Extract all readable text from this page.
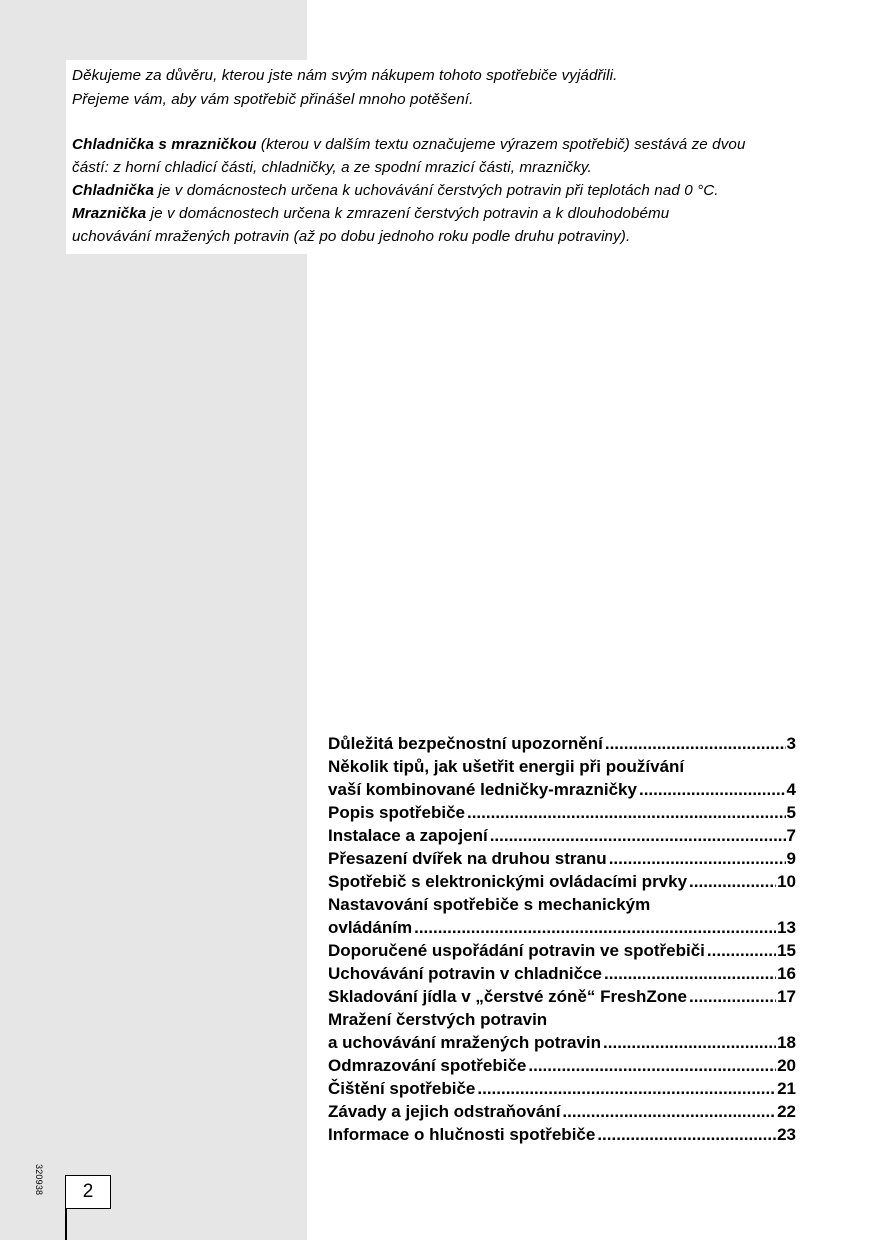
Děkujeme za důvěru, kterou jste nám svým nákupem tohoto spotřebiče vyjádřili.

Přejeme vám, aby vám spotřebič přinášel mnoho potěšení.

Chladnička s mrazničkou (kterou v dalším textu označujeme výrazem spotřebič) sestává ze dvou

částí: z horní chladicí části, chladničky, a ze spodní mrazicí části, mrazničky.

Chladnička je v domácnostech určena k uchovávání čerstvých potravin při teplotách nad 0 °C.

Mraznička je v domácnostech určena k zmrazení čerstvých potravin a k dlouhodobému

uchovávání mražených potravin (až po dobu jednoho roku podle druhu potraviny).

Důležitá bezpečnostní upozornění .....	3
Několik tipů, jak ušetřit energii při používání
vaší kombinované ledničky-mrazničky .....	4
Popis spotřebiče .....	5
Instalace a zapojení .....	7
Přesazení dvířek na druhou stranu .....	9
Spotřebič s elektronickými ovládacími prvky .....	10
Nastavování spotřebiče s mechanickým
ovládáním .....	13
Doporučené uspořádání potravin ve spotřebiči .....	15
Uchovávání potravin v chladničce .....	16
Skladování jídla v „čerstvé zóně“ FreshZone .....	17
Mražení čerstvých potravin
a uchovávání mražených potravin .....	18
Odmrazování spotřebiče .....	20
Čištění spotřebiče .....	21
Závady a jejich odstraňování .....	22
Informace o hlučnosti spotřebiče .....	23
320938	2
